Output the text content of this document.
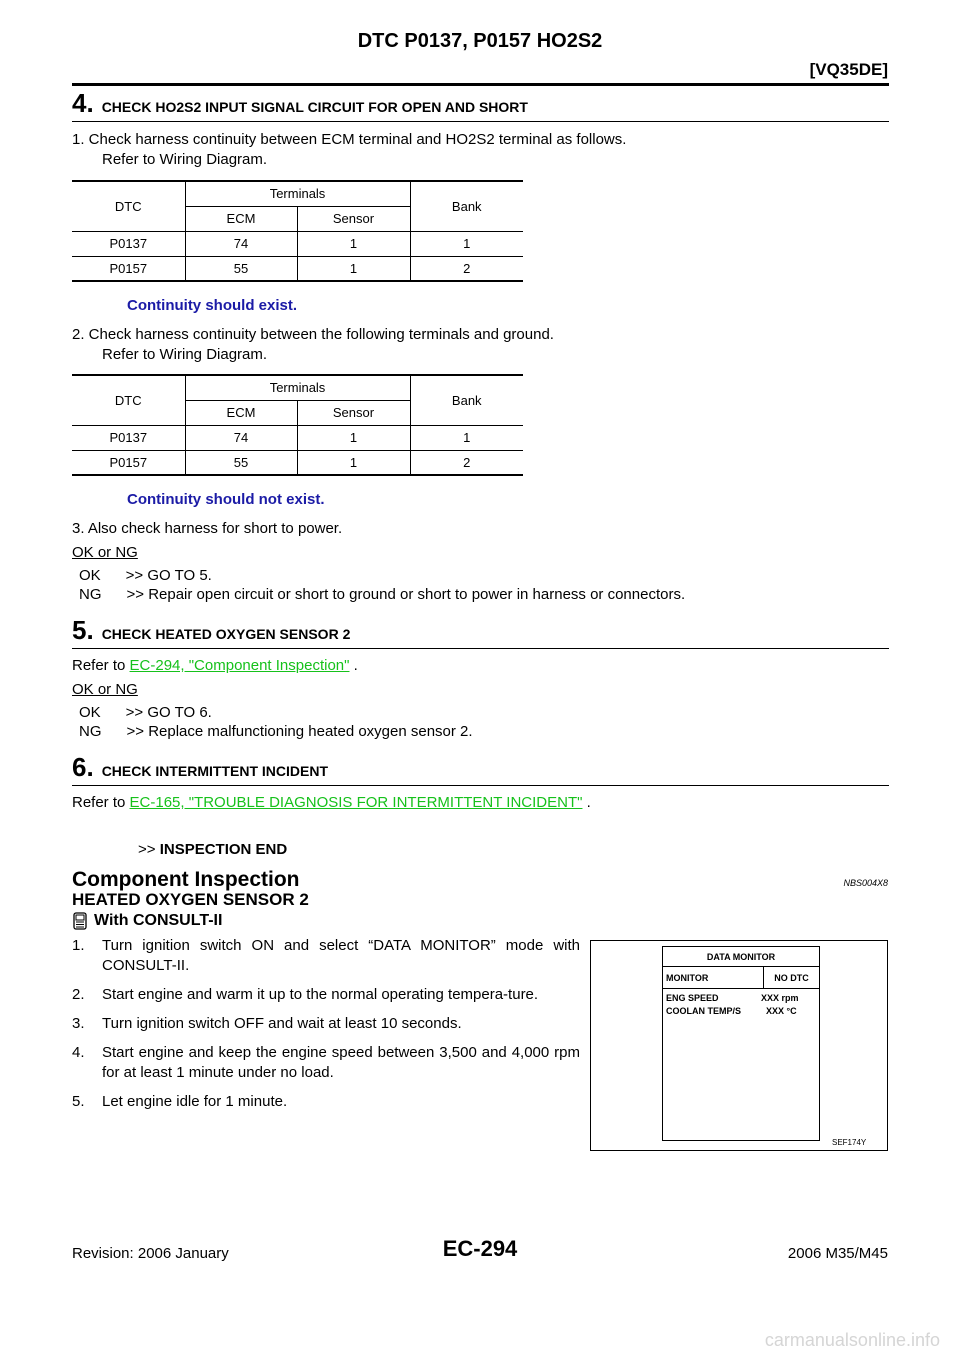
DTC P0137, P0157 HO2S2
[VQ35DE]
4. CHECK HO2S2 INPUT SIGNAL CIRCUIT FOR OPEN AND SHORT
1. Check harness continuity between ECM terminal and HO2S2 terminal as follows.
Refer to Wiring Diagram.
DTC	Terminals		Bank
	ECM	Sensor	
P0137	74	1	1
P0157	55	1	2
Continuity should exist.
2. Check harness continuity between the following terminals and ground.
Refer to Wiring Diagram.
DTC	Terminals		Bank
	ECM	Sensor	
P0137	74	1	1
P0157	55	1	2
Continuity should not exist.
3. Also check harness for short to power.
OK or NG
OK      >> GO TO 5.
NG      >> Repair open circuit or short to ground or short to power in harness or connectors.
5. CHECK HEATED OXYGEN SENSOR 2
Refer to EC-294, "Component Inspection" .
OK or NG
OK      >> GO TO 6.
NG      >> Replace malfunctioning heated oxygen sensor 2.
6. CHECK INTERMITTENT INCIDENT
Refer to EC-165, "TROUBLE DIAGNOSIS FOR INTERMITTENT INCIDENT" .
>> INSPECTION END
Component Inspection	NBS004X8
HEATED OXYGEN SENSOR 2
With CONSULT-II
1.	Turn ignition switch ON and select “DATA MONITOR” mode with CONSULT-II.
2.	Start engine and warm it up to the normal operating tempera-ture.
3.	Turn ignition switch OFF and wait at least 10 seconds.
4.	Start engine and keep the engine speed between 3,500 and 4,000 rpm for at least 1 minute under no load.
5.	Let engine idle for 1 minute.
DATA MONITOR
MONITOR	NO DTC
ENG SPEED	XXX rpm
COOLAN TEMP/S	XXX °C
SEF174Y
Revision: 2006 January	EC-294	2006 M35/M45
carmanualsonline.info
